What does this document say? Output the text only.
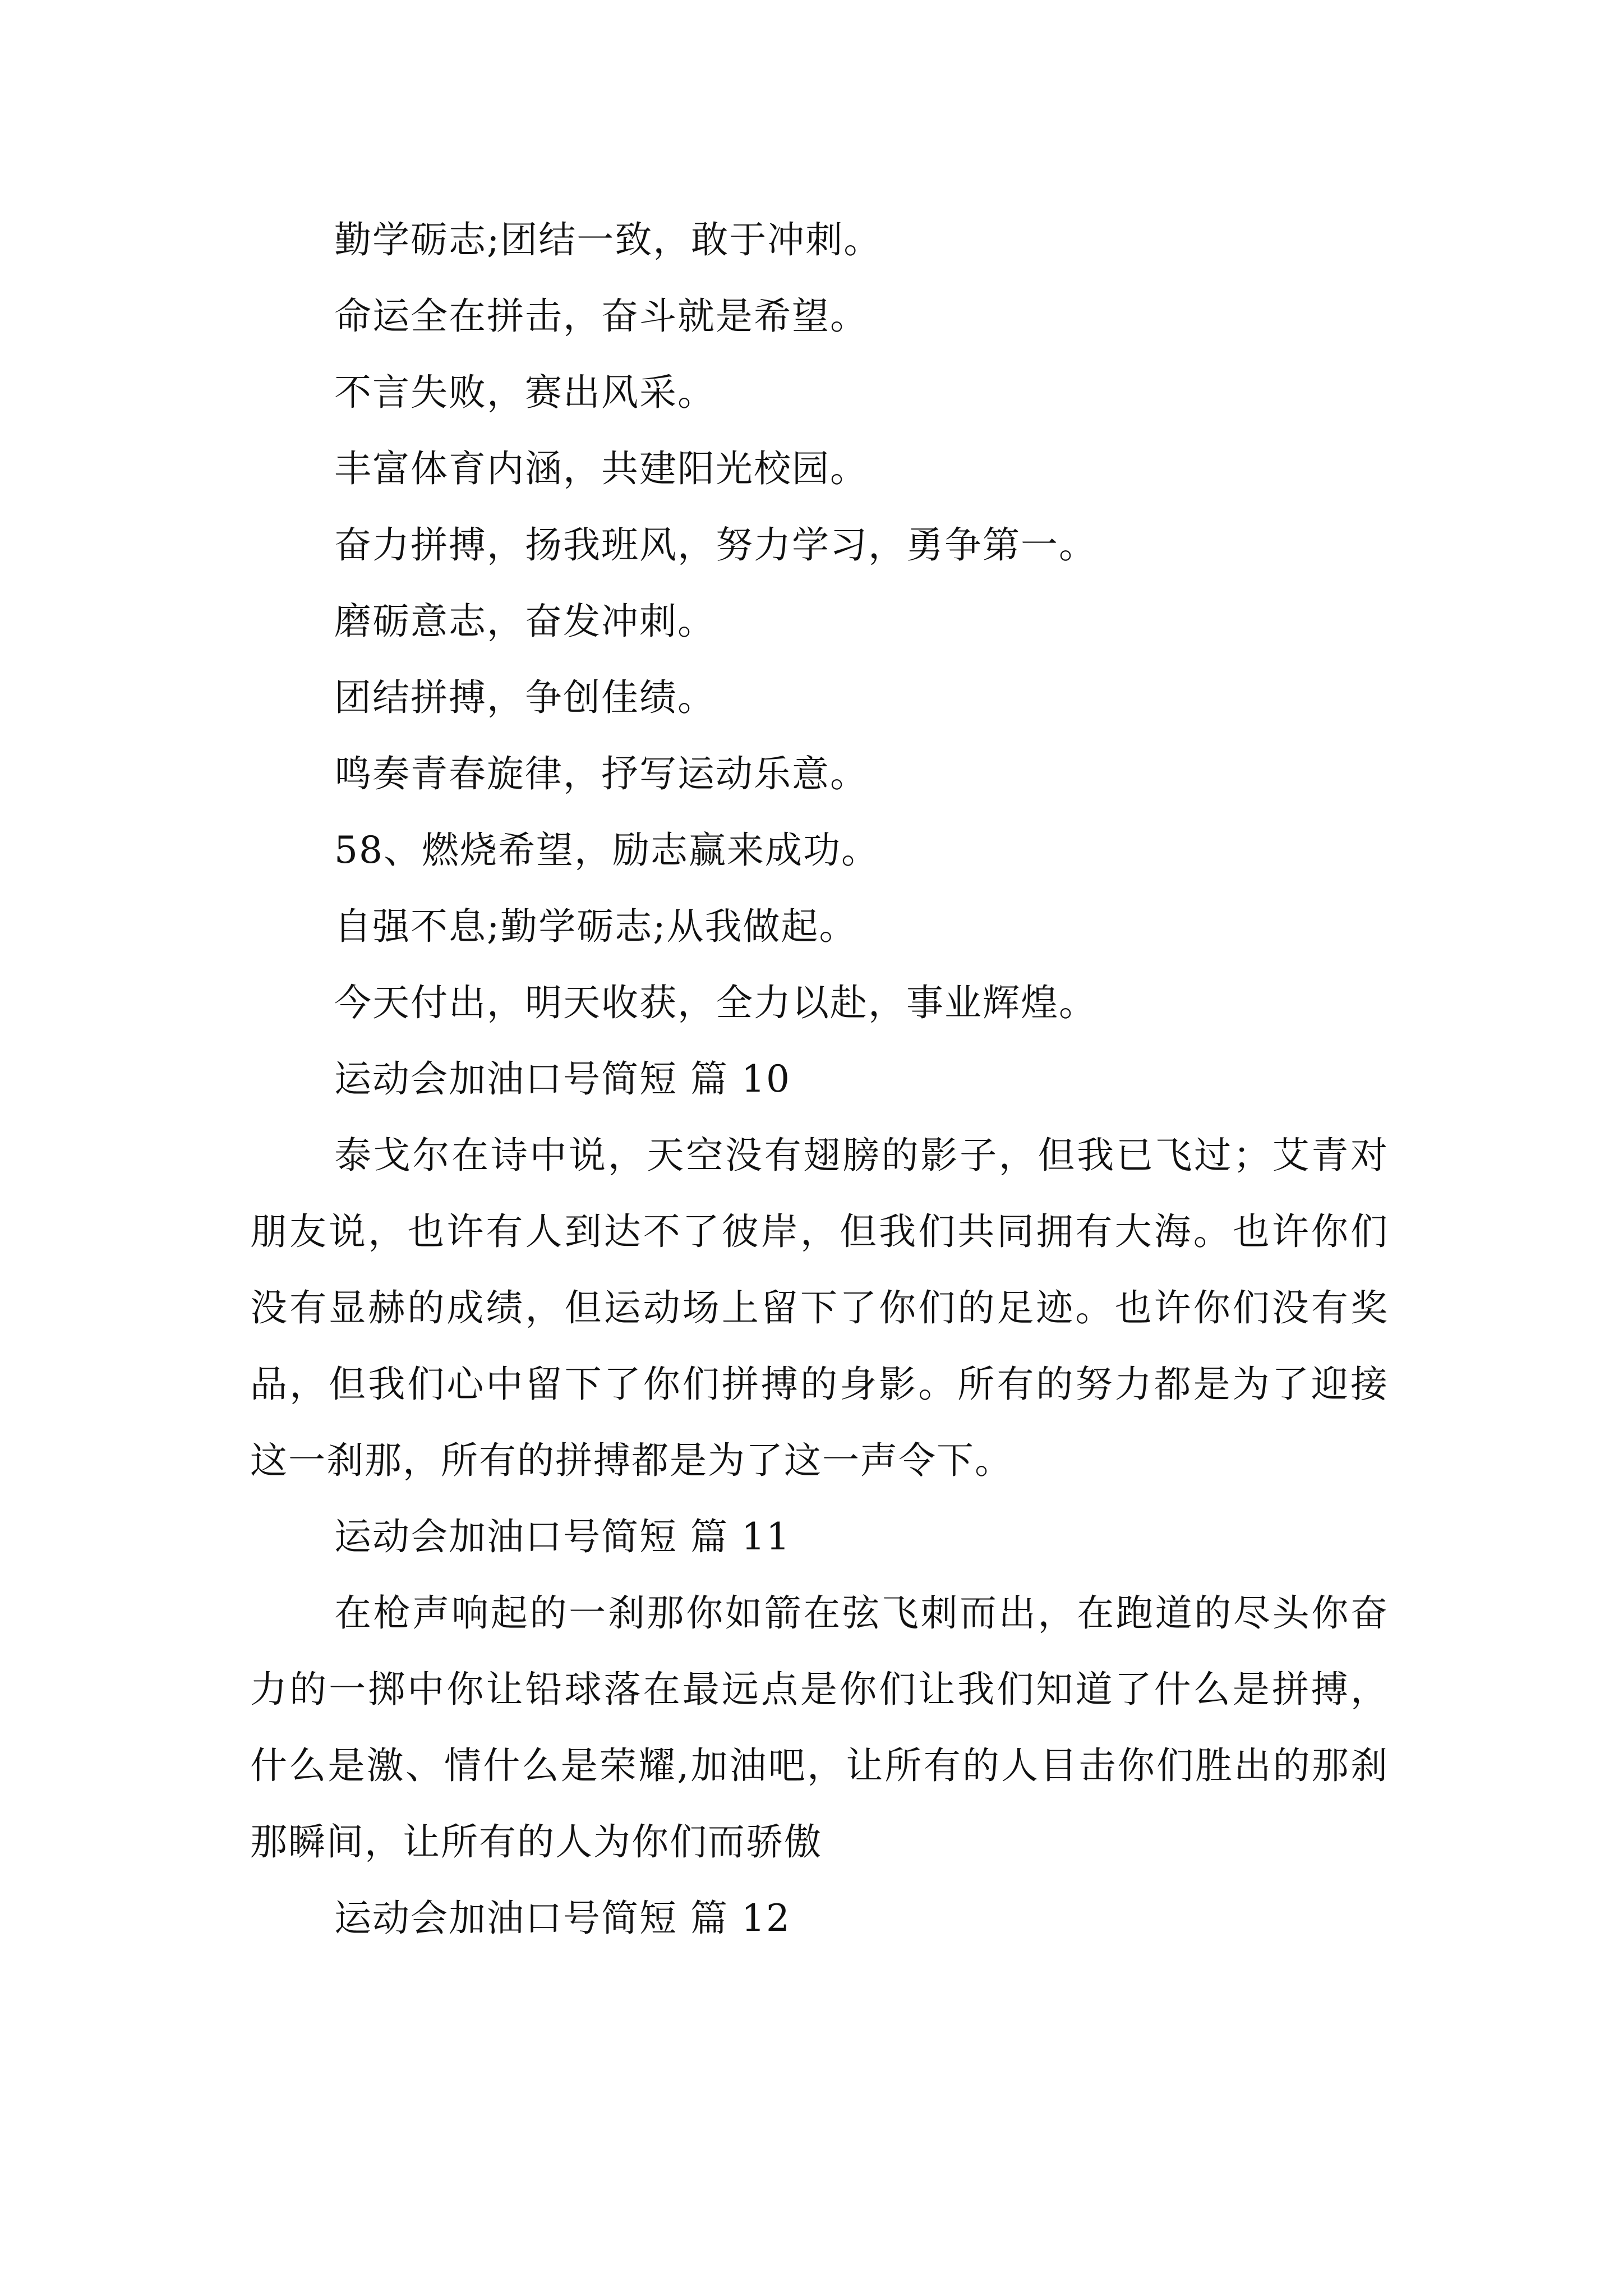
勤学砺志;团结一致，敢于冲刺。
命运全在拼击，奋斗就是希望。
不言失败，赛出风采。
丰富体育内涵，共建阳光校园。
奋力拼搏，扬我班风，努力学习，勇争第一。
磨砺意志，奋发冲刺。
团结拼搏，争创佳绩。
鸣奏青春旋律，抒写运动乐意。
58、燃烧希望，励志赢来成功。
自强不息;勤学砺志;从我做起。
今天付出，明天收获，全力以赴，事业辉煌。
运动会加油口号简短 篇 10
泰戈尔在诗中说，天空没有翅膀的影子，但我已飞过；艾青对朋友说，也许有人到达不了彼岸，但我们共同拥有大海。也许你们没有显赫的成绩，但运动场上留下了你们的足迹。也许你们没有奖品，但我们心中留下了你们拼搏的身影。所有的努力都是为了迎接这一刹那，所有的拼搏都是为了这一声令下。
运动会加油口号简短 篇 11
在枪声响起的一刹那你如箭在弦飞刺而出，在跑道的尽头你奋力的一掷中你让铅球落在最远点是你们让我们知道了什么是拼搏，什么是激、情什么是荣耀,加油吧，让所有的人目击你们胜出的那刹那瞬间，让所有的人为你们而骄傲
运动会加油口号简短 篇 12
